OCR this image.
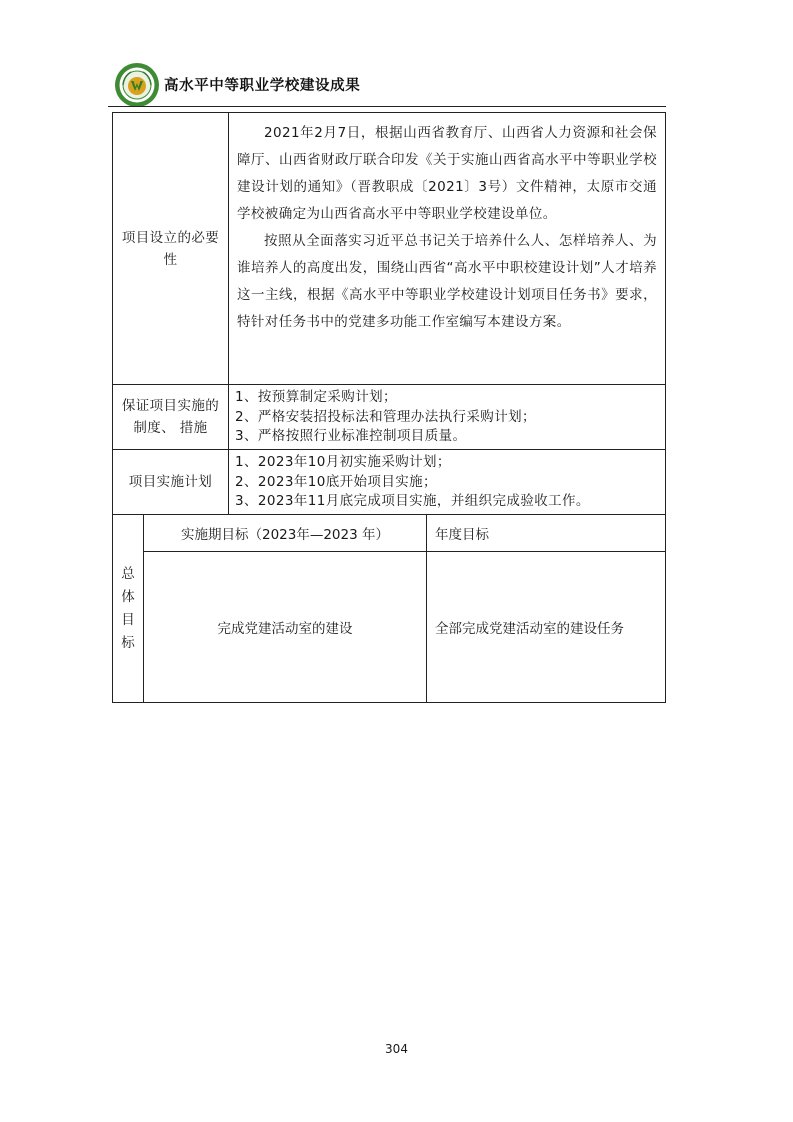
高水平中等职业学校建设成果
项目设立的必要性

2021年2月7日，根据山西省教育厅、山西省人力资源和社会保障厅、山西省财政厅联合印发《关于实施山西省高水平中等职业学校建设计划的通知》（晋教职成〔2021〕3号）文件精神，太原市交通学校被确定为山西省高水平中等职业学校建设单位。

按照从全面落实习近平总书记关于培养什么人、怎样培养人、为谁培养人的高度出发，围绕山西省“高水平中职校建设计划”人才培养这一主线，根据《高水平中等职业学校建设计划项目任务书》要求，特针对任务书中的党建多功能工作室编写本建设方案。

保证项目实施的制度、 措施
1、按预算制定采购计划；
2、严格安装招投标法和管理办法执行采购计划；
3、严格按照行业标准控制项目质量。
项目实施计划
1、2023年10月初实施采购计划；
2、2023年10底开始项目实施；
3、2023年11月底完成项目实施，并组织完成验收工作。
总体目标
实施期目标（2023年—2023 年）	年度目标
完成党建活动室的建设	全部完成党建活动室的建设任务
304
